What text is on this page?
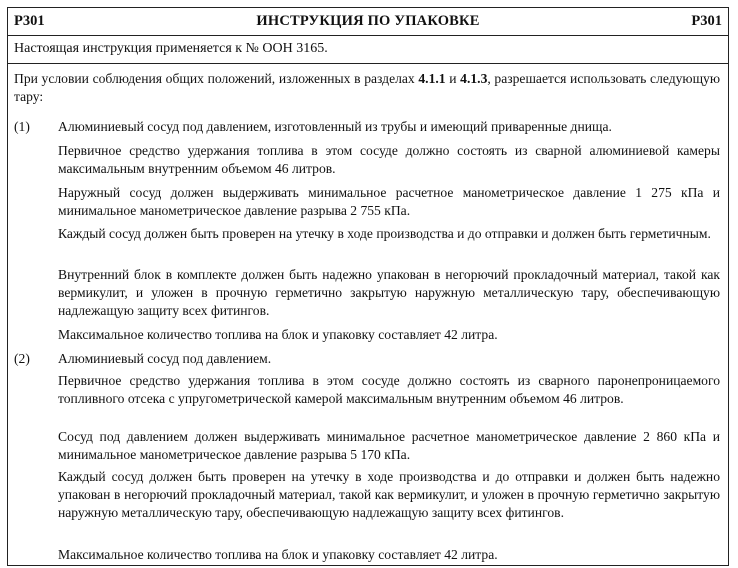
P301	ИНСТРУКЦИЯ ПО УПАКОВКЕ	P301
Настоящая инструкция применяется к № ООН 3165.
При условии соблюдения общих положений, изложенных в разделах 4.1.1 и 4.1.3, разрешается использовать следующую тару:
(1) Алюминиевый сосуд под давлением, изготовленный из трубы и имеющий приваренные днища.
Первичное средство удержания топлива в этом сосуде должно состоять из сварной алюминиевой камеры максимальным внутренним объемом 46 литров.
Наружный сосуд должен выдерживать минимальное расчетное манометрическое давление 1 275 кПа и минимальное манометрическое давление разрыва 2 755 кПа.
Каждый сосуд должен быть проверен на утечку в ходе производства и до отправки и должен быть герметичным.
Внутренний блок в комплекте должен быть надежно упакован в негорючий прокладочный материал, такой как вермикулит, и уложен в прочную герметично закрытую наружную металлическую тару, обеспечивающую надлежащую защиту всех фитингов.
Максимальное количество топлива на блок и упаковку составляет 42 литра.
(2) Алюминиевый сосуд под давлением.
Первичное средство удержания топлива в этом сосуде должно состоять из сварного паронепроницаемого топливного отсека с упругометрической камерой максимальным внутренним объемом 46 литров.
Сосуд под давлением должен выдерживать минимальное расчетное манометрическое давление 2 860 кПа и минимальное манометрическое давление разрыва 5 170 кПа.
Каждый сосуд должен быть проверен на утечку в ходе производства и до отправки и должен быть надежно упакован в негорючий прокладочный материал, такой как вермикулит, и уложен в прочную герметично закрытую наружную металлическую тару, обеспечивающую надлежащую защиту всех фитингов.
Максимальное количество топлива на блок и упаковку составляет 42 литра.
